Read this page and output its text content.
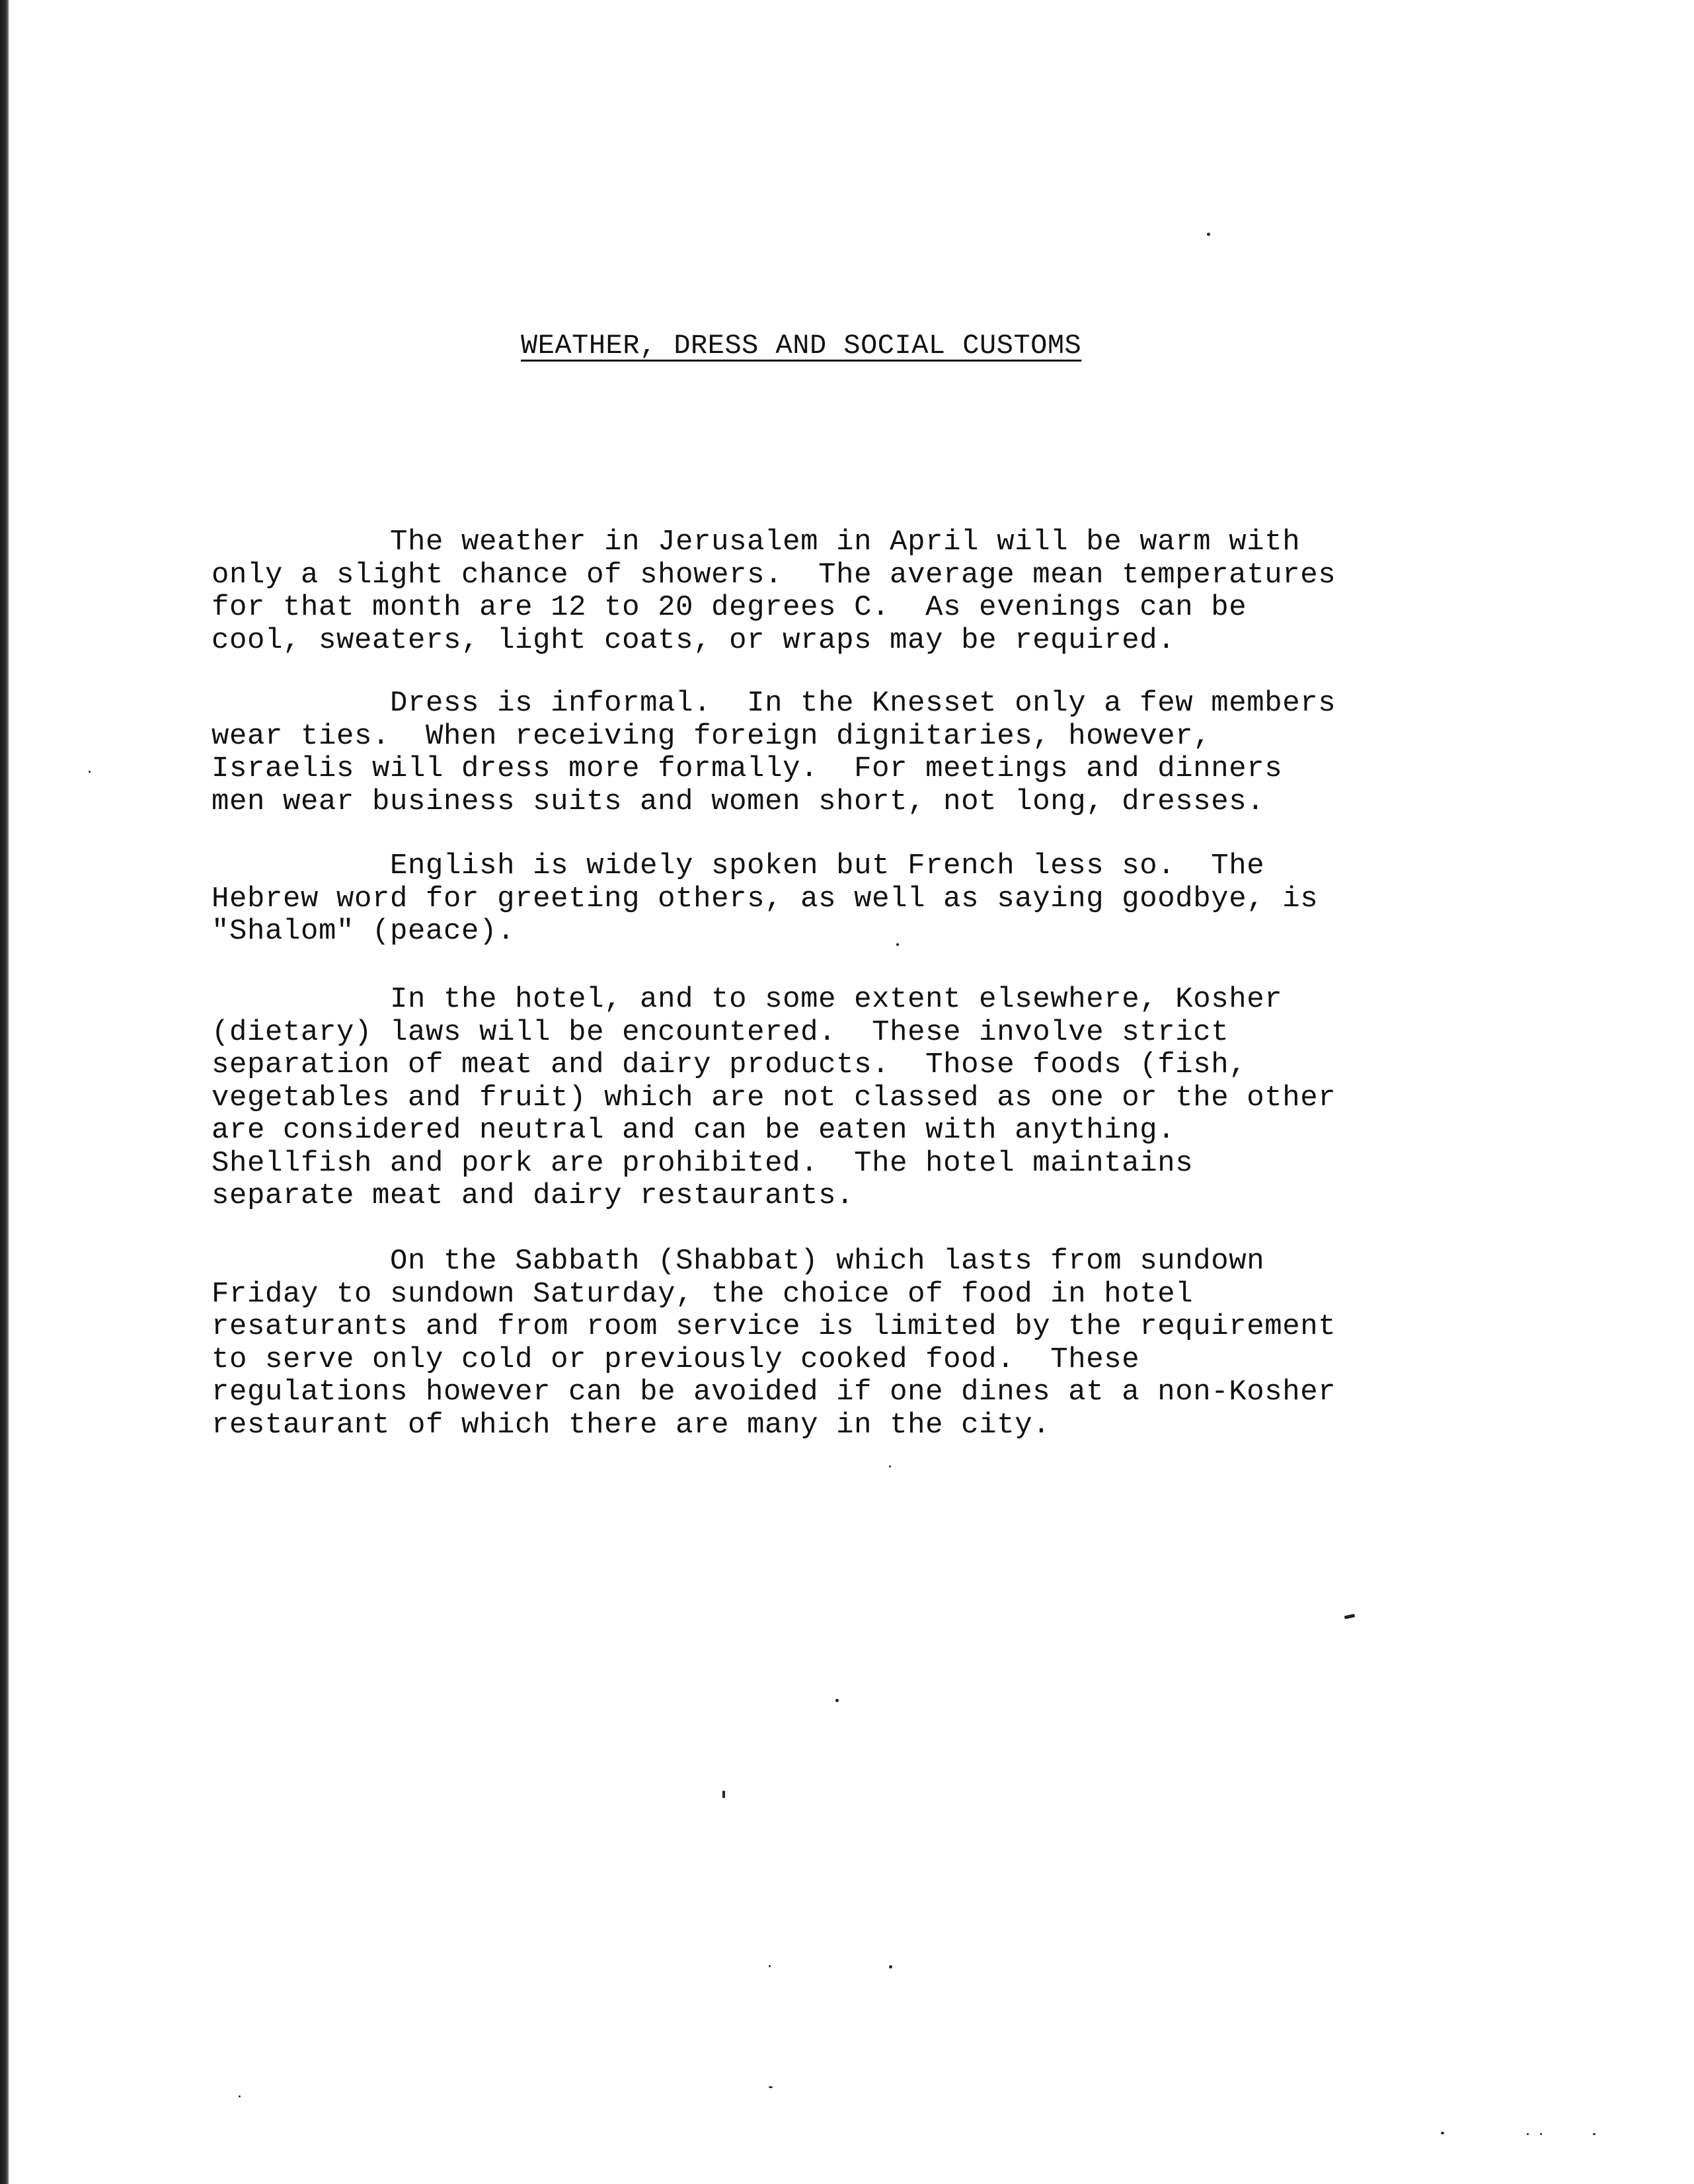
WEATHER, DRESS AND SOCIAL CUSTOMS

The weather in Jerusalem in April will be warm with
only a slight chance of showers.  The average mean temperatures
for that month are 12 to 20 degrees C.  As evenings can be
cool, sweaters, light coats, or wraps may be required.

Dress is informal.  In the Knesset only a few members
wear ties.  When receiving foreign dignitaries, however,
Israelis will dress more formally.  For meetings and dinners
men wear business suits and women short, not long, dresses.

English is widely spoken but French less so.  The
Hebrew word for greeting others, as well as saying goodbye, is
"Shalom" (peace).

In the hotel, and to some extent elsewhere, Kosher
(dietary) laws will be encountered.  These involve strict
separation of meat and dairy products.  Those foods (fish,
vegetables and fruit) which are not classed as one or the other
are considered neutral and can be eaten with anything.
Shellfish and pork are prohibited.  The hotel maintains
separate meat and dairy restaurants.

On the Sabbath (Shabbat) which lasts from sundown
Friday to sundown Saturday, the choice of food in hotel
resaturants and from room service is limited by the requirement
to serve only cold or previously cooked food.  These
regulations however can be avoided if one dines at a non-Kosher
restaurant of which there are many in the city.
